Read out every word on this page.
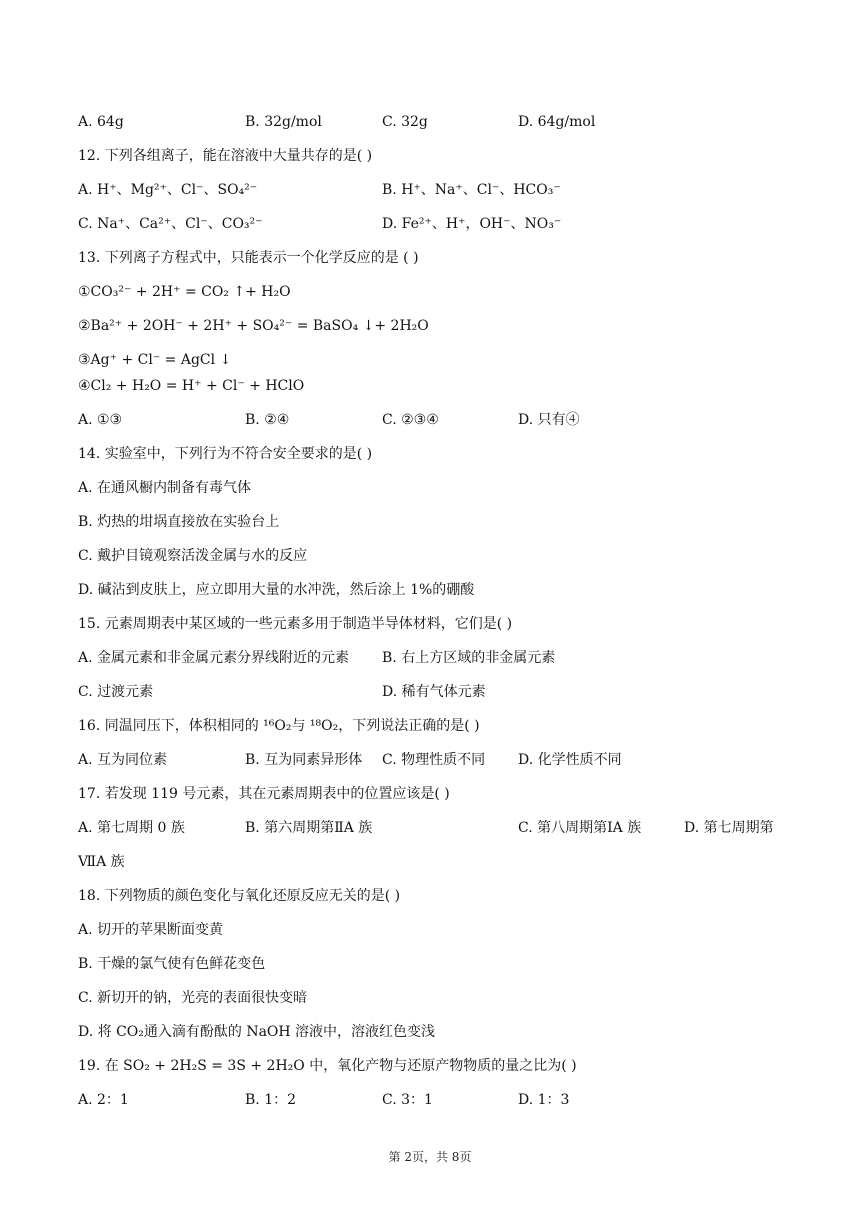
A. 64g	B. 32g/mol	C. 32g	D. 64g/mol
12. 下列各组离子，能在溶液中大量共存的是( )
A. H⁺、Mg²⁺、Cl⁻、SO₄²⁻	B. H⁺、Na⁺、Cl⁻、HCO₃⁻
C. Na⁺、Ca²⁺、Cl⁻、CO₃²⁻	D. Fe²⁺、H⁺，OH⁻、NO₃⁻
13. 下列离子方程式中，只能表示一个化学反应的是 ( )
①CO₃²⁻ + 2H⁺ = CO₂ ↑+ H₂O
②Ba²⁺ + 2OH⁻ + 2H⁺ + SO₄²⁻ = BaSO₄ ↓+ 2H₂O
③Ag⁺ + Cl⁻ = AgCl ↓
④Cl₂ + H₂O = H⁺ + Cl⁻ + HClO
A. ①③	B. ②④	C. ②③④	D. 只有④
14. 实验室中，下列行为不符合安全要求的是( )
A. 在通风橱内制备有毒气体
B. 灼热的坩埚直接放在实验台上
C. 戴护目镜观察活泼金属与水的反应
D. 碱沾到皮肤上，应立即用大量的水冲洗，然后涂上 1%的硼酸
15. 元素周期表中某区域的一些元素多用于制造半导体材料，它们是( )
A. 金属元素和非金属元素分界线附近的元素 B. 右上方区域的非金属元素
C. 过渡元素	D. 稀有气体元素
16. 同温同压下，体积相同的 ¹⁶O₂与 ¹⁸O₂，下列说法正确的是( )
A. 互为同位素	B. 互为同素异形体 C. 物理性质不同 D. 化学性质不同
17. 若发现 119 号元素，其在元素周期表中的位置应该是( )
A. 第七周期 0 族	B. 第六周期第ⅡA 族	C. 第八周期第ⅠA 族	D. 第七周期第
ⅦA 族
18. 下列物质的颜色变化与氧化还原反应无关的是( )
A. 切开的苹果断面变黄
B. 干燥的氯气使有色鲜花变色
C. 新切开的钠，光亮的表面很快变暗
D. 将 CO₂通入滴有酚酞的 NaOH 溶液中，溶液红色变浅
19. 在 SO₂ + 2H₂S = 3S + 2H₂O 中，氧化产物与还原产物物质的量之比为( )
A. 2：1	B. 1：2	C. 3：1	D. 1：3
第 2页，共 8页
